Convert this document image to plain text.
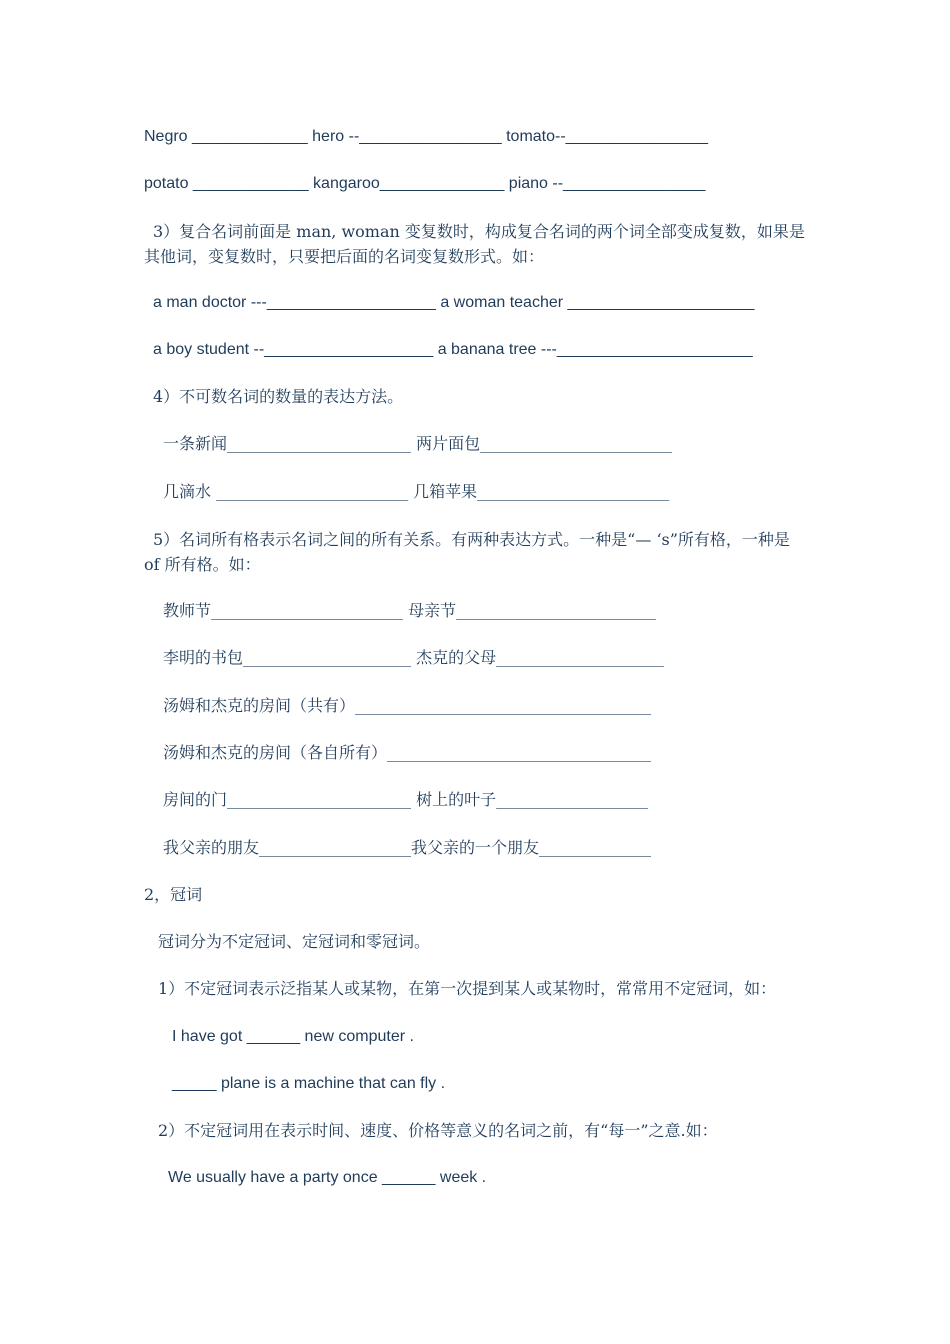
Negro _____________ hero --________________ tomato--________________
potato _____________ kangaroo______________ piano --________________
3）复合名词前面是 man, woman 变复数时，构成复合名词的两个词全部变成复数，如果是其他词，变复数时，只要把后面的名词变复数形式。如：
a man doctor ---___________________ a woman teacher _____________________
a boy student --___________________ a banana tree ---______________________
4）不可数名词的数量的表达方法。
一条新闻_______________________ 两片面包________________________
几滴水 ________________________ 几箱苹果________________________
5）名词所有格表示名词之间的所有关系。有两种表达方式。一种是“— ‘s”所有格，一种是 of 所有格。如：
教师节________________________ 母亲节_________________________
李明的书包_____________________ 杰克的父母_____________________
汤姆和杰克的房间（共有）_____________________________________
汤姆和杰克的房间（各自所有）_________________________________
房间的门_______________________ 树上的叶子___________________
我父亲的朋友___________________我父亲的一个朋友______________
2，冠词
冠词分为不定冠词、定冠词和零冠词。
1）不定冠词表示泛指某人或某物，在第一次提到某人或某物时，常常用不定冠词，如：
I have got ______ new computer .
_____ plane is a machine that can fly .
2）不定冠词用在表示时间、速度、价格等意义的名词之前，有“每一”之意.如：
We usually have a party once ______ week .
